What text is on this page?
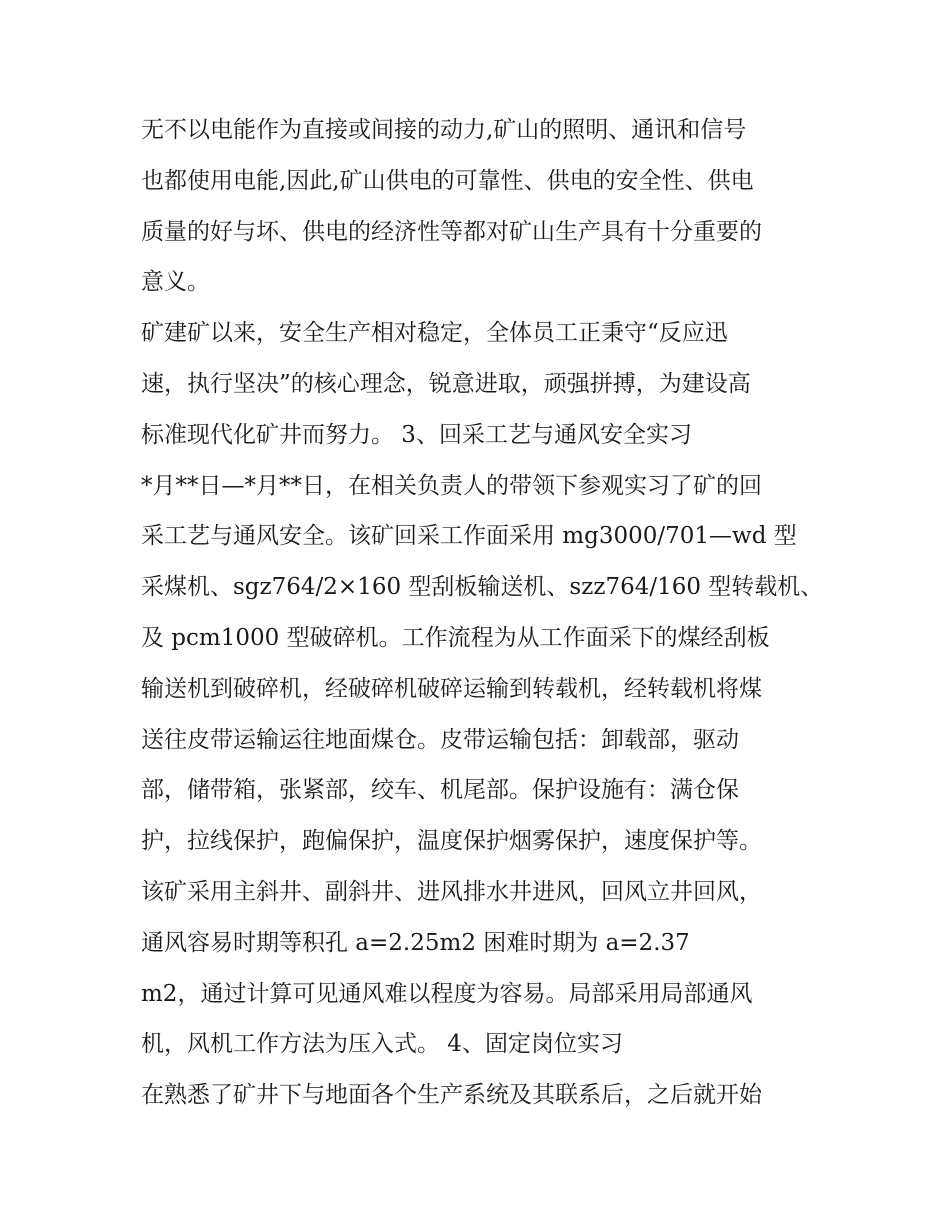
无不以电能作为直接或间接的动力,矿山的照明、通讯和信号

也都使用电能,因此,矿山供电的可靠性、供电的安全性、供电

质量的好与坏、供电的经济性等都对矿山生产具有十分重要的

意义。

矿建矿以来，安全生产相对稳定，全体员工正秉守“反应迅

速，执行坚决”的核心理念，锐意进取，顽强拼搏，为建设高

标准现代化矿井而努力。 3、回采工艺与通风安全实习

*月**日—*月**日，在相关负责人的带领下参观实习了矿的回

采工艺与通风安全。该矿回采工作面采用 mg3000/701—wd 型

采煤机、sgz764/2×160 型刮板输送机、szz764/160 型转载机、

及 pcm1000 型破碎机。工作流程为从工作面采下的煤经刮板

输送机到破碎机，经破碎机破碎运输到转载机，经转载机将煤

送往皮带运输运往地面煤仓。皮带运输包括：卸载部，驱动

部，储带箱，张紧部，绞车、机尾部。保护设施有：满仓保

护，拉线保护，跑偏保护，温度保护烟雾保护，速度保护等。

该矿采用主斜井、副斜井、进风排水井进风，回风立井回风，

通风容易时期等积孔 a=2.25m2 困难时期为 a=2.37

m2，通过计算可见通风难以程度为容易。局部采用局部通风

机，风机工作方法为压入式。 4、固定岗位实习

在熟悉了矿井下与地面各个生产系统及其联系后，之后就开始
